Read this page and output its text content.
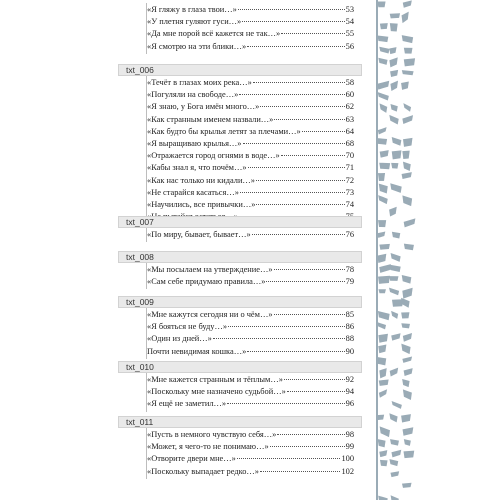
«Я гляжу в глаза твои…»	53
«У плетня гуляют гуси…»	54
«Да мне порой всё кажется не так…»	55
«Я смотрю на эти блики…»	56
txt_006
«Течёт в глазах моих река…»	58
«Погуляли на свободе…»	60
«Я знаю, у Бога имён много…»	62
«Как странным именем назвали…»	63
«Как будто бы крылья летят за плечами…»	64
«Я выращиваю крылья…»	68
«Отражается город огнями в воде…»	70
«Кабы знал я, что почём…»	71
«Как нас только ни кидали…»	72
«Не старайся касаться…»	73
«Научились, все привычки…»	74
txt_007
«По миру, бывает, бывает…»	76
txt_008
«Мы посылаем на утверждение…»	78
«Сам себе придумаю правила…»	79
txt_009
«Мне кажутся сегодня ни о чём…»	85
«Я бояться не буду…»	86
«Один из дней…»	88
Почти невидимая кошка…»	90
txt_010
«Мне кажется странным и тёплым…»	92
«Поскольку мне назначено судьбой…»	94
«Я ещё не заметил…»	96
txt_011
«Пусть в немного чувствую себя…»	98
«Может, я чего-то не понимаю…»	99
«Отворите двери мне…»	100
«Поскольку выпадает редко…»	102
